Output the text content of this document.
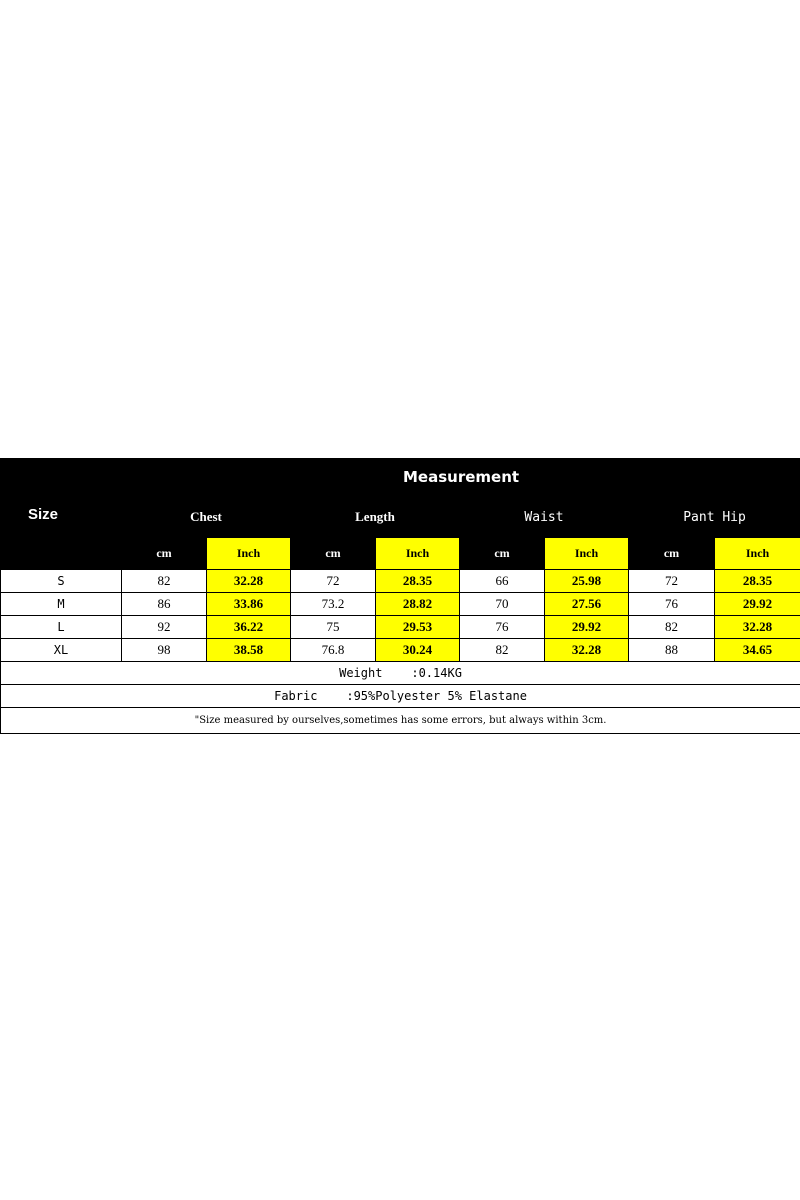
Size	Measurement							
	Chest		Length		Waist		Pant Hip	
	cm	Inch	cm	Inch	cm	Inch	cm	Inch
S	82	32.28	72	28.35	66	25.98	72	28.35
M	86	33.86	73.2	28.82	70	27.56	76	29.92
L	92	36.22	75	29.53	76	29.92	82	32.28
XL	98	38.58	76.8	30.24	82	32.28	88	34.65
Weight    :0.14KG								
Fabric    :95%Polyester 5% Elastane								
"Size measured by ourselves,sometimes has some errors, but always within 3cm.								
